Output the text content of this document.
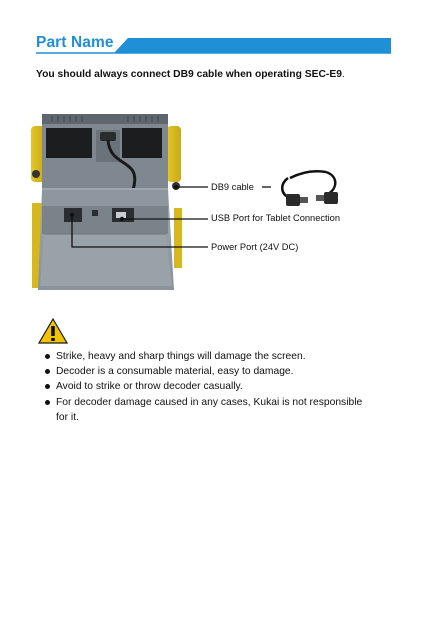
Part Name
You should always connect DB9 cable when operating SEC-E9.
DB9 cable
USB Port for Tablet Connection
Power Port (24V DC)
Strike, heavy and sharp things will damage the screen.
Decoder is a consumable material, easy to damage.
Avoid to strike or throw decoder casually.
For decoder damage caused in any cases, Kukai is not responsible for it.
